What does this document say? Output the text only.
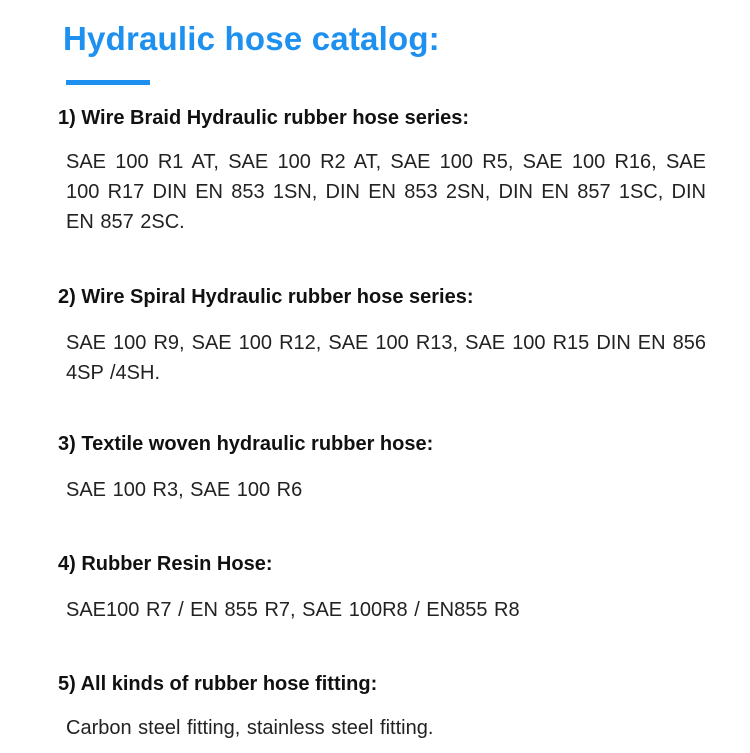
Hydraulic hose catalog:
1) Wire Braid Hydraulic rubber hose series:

SAE 100 R1 AT, SAE 100 R2 AT, SAE 100 R5, SAE 100 R16, SAE 100 R17 DIN EN 853 1SN, DIN EN 853 2SN, DIN EN 857 1SC, DIN EN 857 2SC.

2) Wire Spiral Hydraulic rubber hose series:

SAE 100 R9, SAE 100 R12, SAE 100 R13, SAE 100 R15 DIN EN 856 4SP /4SH.

3) Textile woven hydraulic rubber hose:

SAE 100 R3, SAE 100 R6

4) Rubber Resin Hose:

SAE100 R7 / EN 855 R7, SAE 100R8 / EN855 R8

5) All kinds of rubber hose fitting:

Carbon steel fitting, stainless steel fitting.
